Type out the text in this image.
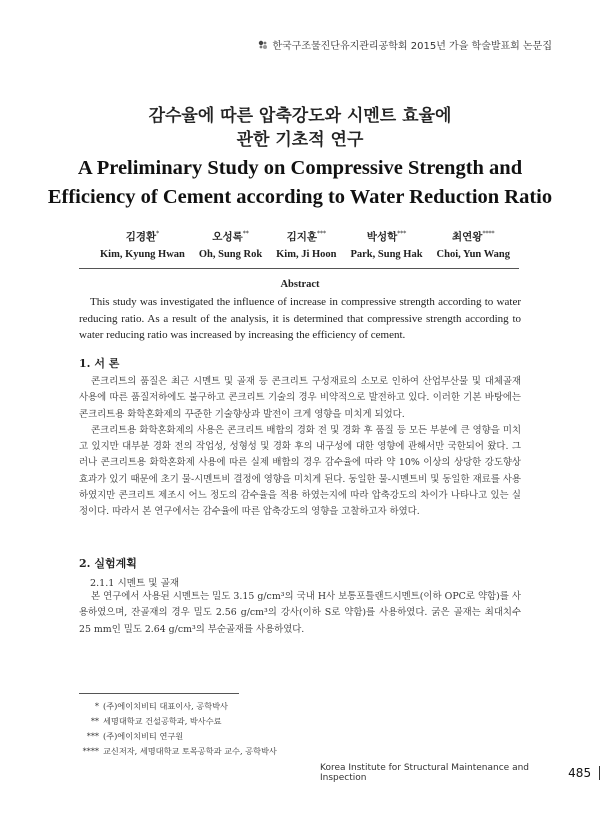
한국구조물진단유지관리공학회 2015년 가을 학술발표회 논문집
감수율에 따른 압축강도와 시멘트 효율에
관한 기초적 연구
A Preliminary Study on Compressive Strength and
Efficiency of Cement according to Water Reduction Ratio
김경환*
Kim, Kyung Hwan
오성록**
Oh, Sung Rok
김지훈***
Kim, Ji Hoon
박성학***
Park, Sung Hak
최연왕****
Choi, Yun Wang
Abstract
This study was investigated the influence of increase in compressive strength according to water reducing ratio. As a result of the analysis, it is determined that compressive strength according to water reducing ratio was increased by increasing the efficiency of cement.
1. 서 론

콘크리트의 품질은 최근 시멘트 및 골재 등 콘크리트 구성재료의 소모로 인하여 산업부산물 및 대체골재 사용에 따른 품질저하에도 불구하고 콘크리트 기술의 경우 비약적으로 발전하고 있다. 이러한 기본 바탕에는 콘크리트용 화학혼화제의 꾸준한 기술향상과 발전이 크게 영향을 미치게 되었다.

콘크리트용 화학혼화제의 사용은 콘크리트 배합의 경화 전 및 경화 후 품질 등 모든 부분에 큰 영향을 미치고 있지만 대부분 경화 전의 작업성, 성형성 및 경화 후의 내구성에 대한 영향에 관해서만 국한되어 왔다. 그러나 콘크리트용 화학혼화제 사용에 따른 실제 배합의 경우 감수율에 따라 약 10% 이상의 상당한 강도향상 효과가 있기 때문에 초기 물-시멘트비 결정에 영향을 미치게 된다. 동일한 물-시멘트비 및 동일한 재료를 사용하였지만 콘크리트 제조시 어느 정도의 감수율을 적용 하였는지에 따라 압축강도의 차이가 나타나고 있는 실정이다. 따라서 본 연구에서는 감수율에 따른 압축강도의 영향을 고찰하고자 하였다.

2. 실험계획
2.1.1 시멘트 및 골재

본 연구에서 사용된 시멘트는 밀도 3.15 g/cm³의 국내 H사 보통포틀랜드시멘트(이하 OPC로 약함)를 사용하였으며, 잔골재의 경우 밀도 2.56 g/cm³의 강사(이하 S로 약함)를 사용하였다. 굵은 골재는 최대치수 25 mm인 밀도 2.64 g/cm³의 부순골재를 사용하였다.

* (주)에이치비티 대표이사, 공학박사
** 세명대학교 건설공학과, 박사수료
*** (주)에이치비티 연구원
**** 교신저자, 세명대학교 토목공학과 교수, 공학박사
Korea Institute for Structural Maintenance and Inspection	485
